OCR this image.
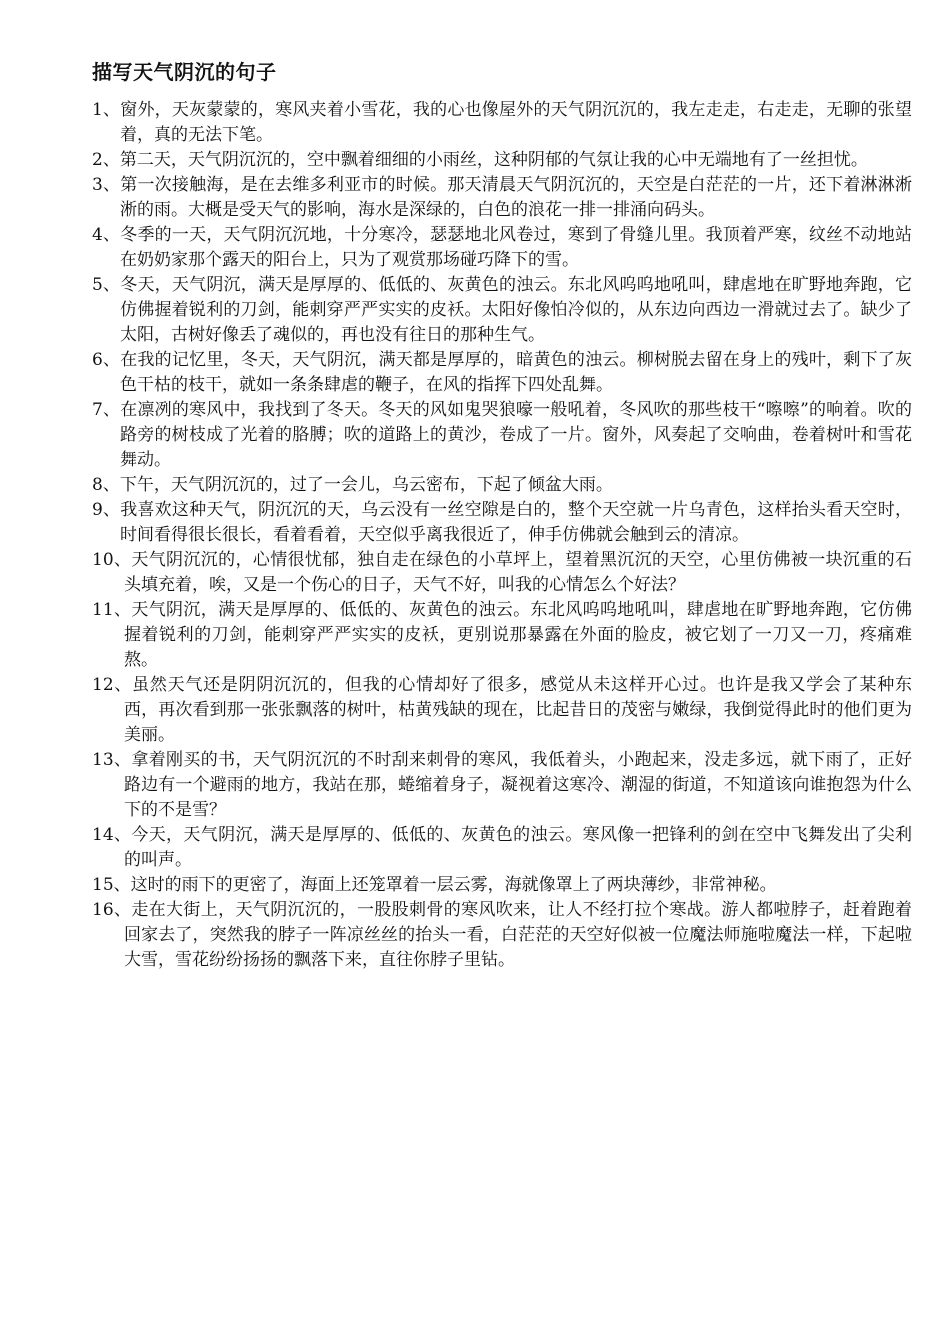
描写天气阴沉的句子

1、窗外，天灰蒙蒙的，寒风夹着小雪花，我的心也像屋外的天气阴沉沉的，我左走走，右走走，无聊的张望着，真的无法下笔。

2、第二天，天气阴沉沉的，空中飘着细细的小雨丝，这种阴郁的气氛让我的心中无端地有了一丝担忧。

3、第一次接触海，是在去维多利亚市的时候。那天清晨天气阴沉沉的，天空是白茫茫的一片，还下着淋淋淅淅的雨。大概是受天气的影响，海水是深绿的，白色的浪花一排一排涌向码头。

4、冬季的一天，天气阴沉沉地，十分寒冷，瑟瑟地北风卷过，寒到了骨缝儿里。我顶着严寒，纹丝不动地站在奶奶家那个露天的阳台上，只为了观赏那场碰巧降下的雪。

5、冬天，天气阴沉，满天是厚厚的、低低的、灰黄色的浊云。东北风呜呜地吼叫，肆虐地在旷野地奔跑，它仿佛握着锐利的刀剑，能刺穿严严实实的皮袄。太阳好像怕冷似的，从东边向西边一滑就过去了。缺少了太阳，古树好像丢了魂似的，再也没有往日的那种生气。

6、在我的记忆里，冬天，天气阴沉，满天都是厚厚的，暗黄色的浊云。柳树脱去留在身上的残叶，剩下了灰色干枯的枝干，就如一条条肆虐的鞭子，在风的指挥下四处乱舞。

7、在凛冽的寒风中，我找到了冬天。冬天的风如鬼哭狼嚎一般吼着，冬风吹的那些枝干“嚓嚓”的响着。吹的路旁的树枝成了光着的胳膊；吹的道路上的黄沙，卷成了一片。窗外，风奏起了交响曲，卷着树叶和雪花舞动。

8、下午，天气阴沉沉的，过了一会儿，乌云密布，下起了倾盆大雨。

9、我喜欢这种天气，阴沉沉的天，乌云没有一丝空隙是白的，整个天空就一片乌青色，这样抬头看天空时，时间看得很长很长，看着看着，天空似乎离我很近了，伸手仿佛就会触到云的清凉。

10、天气阴沉沉的，心情很忧郁，独自走在绿色的小草坪上，望着黑沉沉的天空，心里仿佛被一块沉重的石头填充着，唉，又是一个伤心的日子，天气不好，叫我的心情怎么个好法？

11、天气阴沉，满天是厚厚的、低低的、灰黄色的浊云。东北风呜呜地吼叫，肆虐地在旷野地奔跑，它仿佛握着锐利的刀剑，能刺穿严严实实的皮袄，更别说那暴露在外面的脸皮，被它划了一刀又一刀，疼痛难熬。

12、虽然天气还是阴阴沉沉的，但我的心情却好了很多，感觉从未这样开心过。也许是我又学会了某种东西，再次看到那一张张飘落的树叶，枯黄残缺的现在，比起昔日的茂密与嫩绿，我倒觉得此时的他们更为美丽。

13、拿着刚买的书，天气阴沉沉的不时刮来刺骨的寒风，我低着头，小跑起来，没走多远，就下雨了，正好路边有一个避雨的地方，我站在那，蜷缩着身子，凝视着这寒冷、潮湿的街道，不知道该向谁抱怨为什么下的不是雪？

14、今天，天气阴沉，满天是厚厚的、低低的、灰黄色的浊云。寒风像一把锋利的剑在空中飞舞发出了尖利的叫声。

15、这时的雨下的更密了，海面上还笼罩着一层云雾，海就像罩上了两块薄纱，非常神秘。

16、走在大街上，天气阴沉沉的，一股股刺骨的寒风吹来，让人不经打拉个寒战。游人都啦脖子，赶着跑着回家去了，突然我的脖子一阵凉丝丝的抬头一看，白茫茫的天空好似被一位魔法师施啦魔法一样，下起啦大雪，雪花纷纷扬扬的飘落下来，直往你脖子里钻。
